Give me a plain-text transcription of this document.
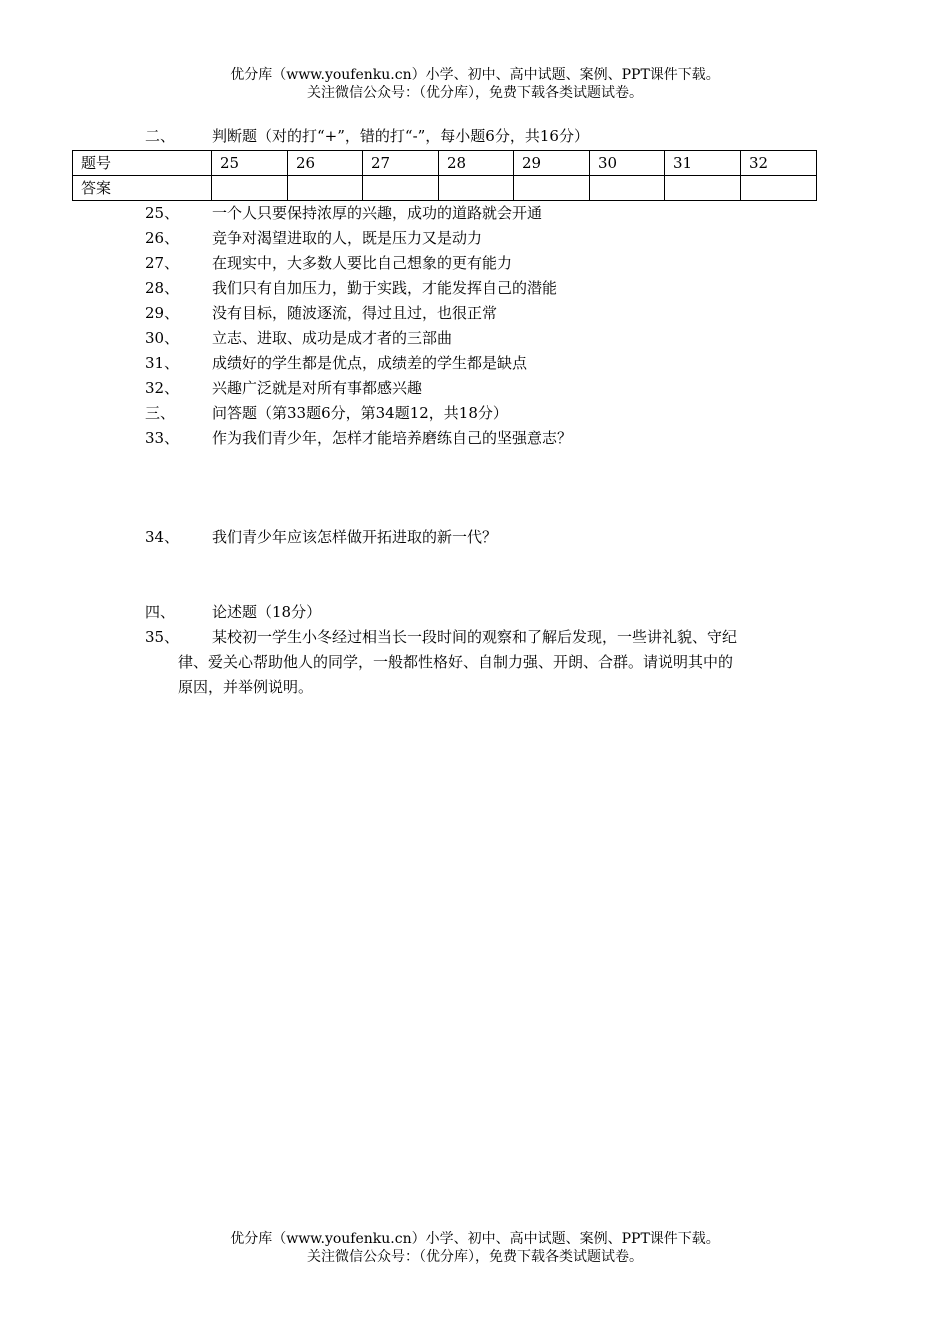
优分库（www.youfenku.cn）小学、初中、高中试题、案例、PPT课件下载。
关注微信公众号：（优分库），免费下载各类试题试卷。
二、 判断题（对的打“+”，错的打“-”，每小题6分，共16分）
题号	25	26	27	28	29	30	31	32
答案								
25、 一个人只要保持浓厚的兴趣，成功的道路就会开通
26、 竞争对渴望进取的人，既是压力又是动力
27、 在现实中，大多数人要比自己想象的更有能力
28、 我们只有自加压力，勤于实践，才能发挥自己的潜能
29、 没有目标，随波逐流，得过且过，也很正常
30、 立志、进取、成功是成才者的三部曲
31、 成绩好的学生都是优点，成绩差的学生都是缺点
32、 兴趣广泛就是对所有事都感兴趣
三、 问答题（第33题6分，第34题12，共18分）
33、 作为我们青少年，怎样才能培养磨练自己的坚强意志？
34、 我们青少年应该怎样做开拓进取的新一代？
四、 论述题（18分）
35、 某校初一学生小冬经过相当长一段时间的观察和了解后发现，一些讲礼貌、守纪
律、爱关心帮助他人的同学，一般都性格好、自制力强、开朗、合群。请说明其中的
原因，并举例说明。
优分库（www.youfenku.cn）小学、初中、高中试题、案例、PPT课件下载。
关注微信公众号：（优分库），免费下载各类试题试卷。
